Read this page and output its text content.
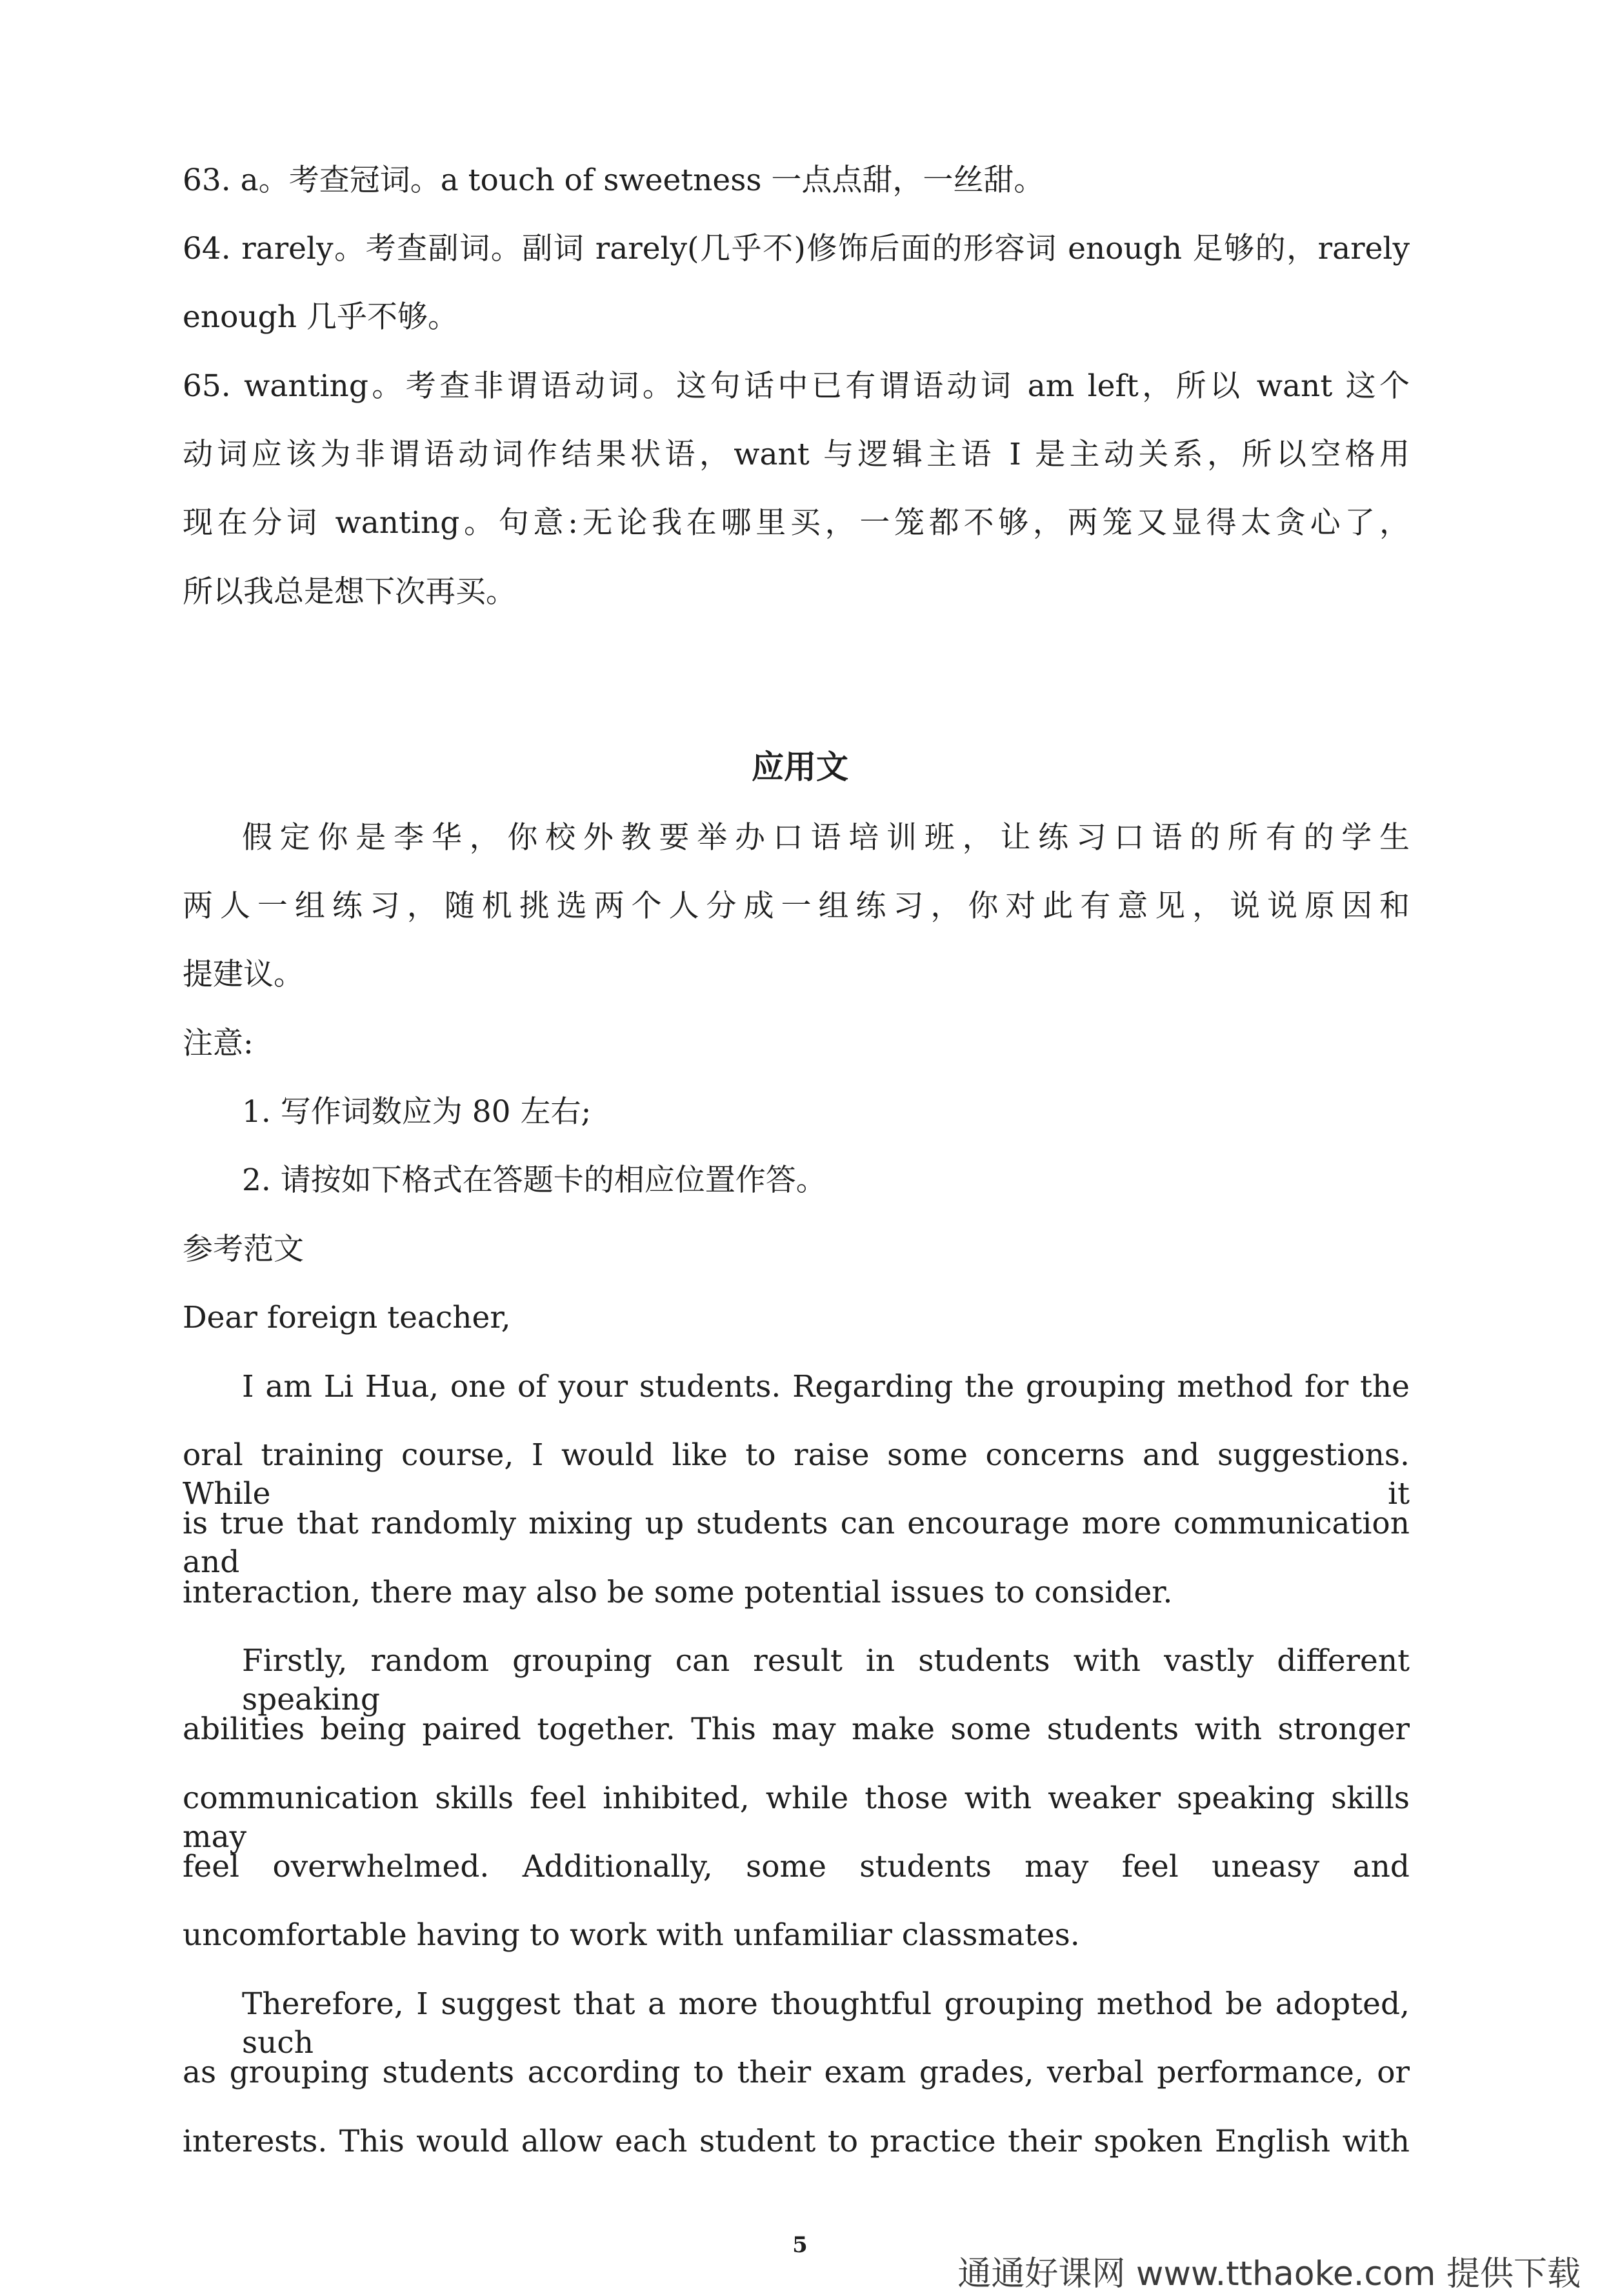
63. a。考查冠词。a touch of sweetness 一点点甜，一丝甜。
64. rarely。考查副词。副词 rarely(几乎不)修饰后面的形容词 enough 足够的，rarely
enough 几乎不够。
65. wanting。考查非谓语动词。这句话中已有谓语动词 am left，所以 want 这个
动词应该为非谓语动词作结果状语，want 与逻辑主语 I 是主动关系，所以空格用
现在分词 wanting。句意:无论我在哪里买，一笼都不够，两笼又显得太贪心了，
所以我总是想下次再买。
应用文
假定你是李华，你校外教要举办口语培训班，让练习口语的所有的学生
两人一组练习，随机挑选两个人分成一组练习，你对此有意见，说说原因和
提建议。
注意:
1. 写作词数应为 80 左右;
2. 请按如下格式在答题卡的相应位置作答。
参考范文
Dear foreign teacher,
I am Li Hua, one of your students. Regarding the grouping method for the
oral training course, I would like to raise some concerns and suggestions. While it
is true that randomly mixing up students can encourage more communication and
interaction, there may also be some potential issues to consider.
Firstly, random grouping can result in students with vastly different speaking
abilities being paired together. This may make some students with stronger
communication skills feel inhibited, while those with weaker speaking skills may
feel overwhelmed. Additionally, some students may feel uneasy and
uncomfortable having to work with unfamiliar classmates.
Therefore, I suggest that a more thoughtful grouping method be adopted, such
as grouping students according to their exam grades, verbal performance, or
interests. This would allow each student to practice their spoken English with
5
通通好课网 www.tthaoke.com 提供下载
